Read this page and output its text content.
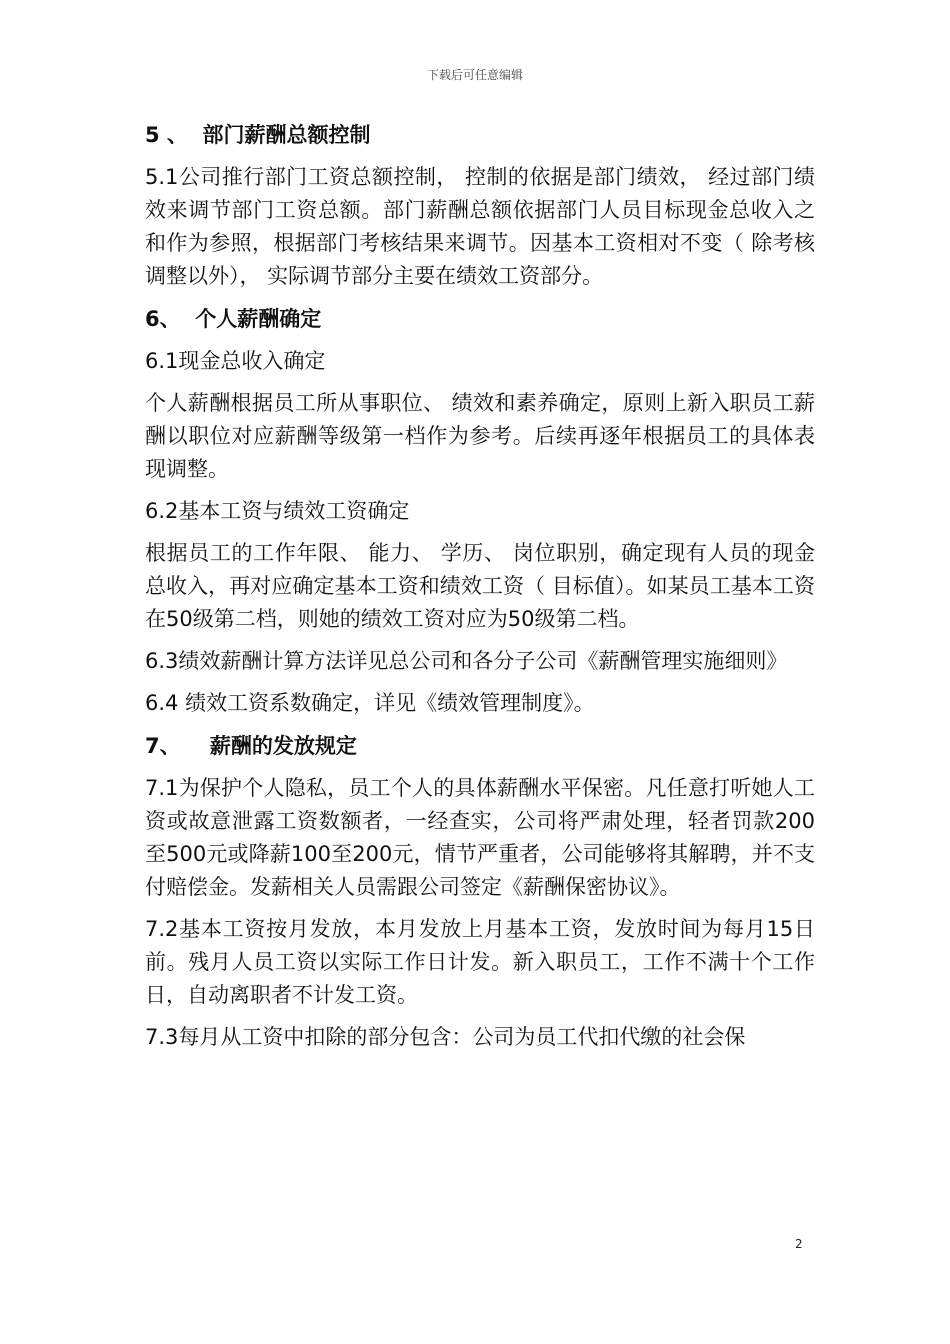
下载后可任意编辑
5 、  部门薪酬总额控制
5.1公司推行部门工资总额控制， 控制的依据是部门绩效， 经过部门绩效来调节部门工资总额。部门薪酬总额依据部门人员目标现金总收入之和作为参照，根据部门考核结果来调节。因基本工资相对不变（ 除考核调整以外）， 实际调节部分主要在绩效工资部分。
6、  个人薪酬确定
6.1现金总收入确定
个人薪酬根据员工所从事职位、 绩效和素养确定，原则上新入职员工薪酬以职位对应薪酬等级第一档作为参考。后续再逐年根据员工的具体表现调整。
6.2基本工资与绩效工资确定
根据员工的工作年限、 能力、 学历、 岗位职别，确定现有人员的现金总收入，再对应确定基本工资和绩效工资（ 目标值）。如某员工基本工资在50级第二档，则她的绩效工资对应为50级第二档。
6.3绩效薪酬计算方法详见总公司和各分子公司《薪酬管理实施细则》
6.4 绩效工资系数确定，详见《绩效管理制度》。
7、    薪酬的发放规定
7.1为保护个人隐私，员工个人的具体薪酬水平保密。凡任意打听她人工资或故意泄露工资数额者，一经查实，公司将严肃处理，轻者罚款200至500元或降薪100至200元，情节严重者，公司能够将其解聘，并不支付赔偿金。发薪相关人员需跟公司签定《薪酬保密协议》。
7.2基本工资按月发放，本月发放上月基本工资，发放时间为每月15日前。残月人员工资以实际工作日计发。新入职员工，工作不满十个工作日，自动离职者不计发工资。
7.3每月从工资中扣除的部分包含：公司为员工代扣代缴的社会保
2
